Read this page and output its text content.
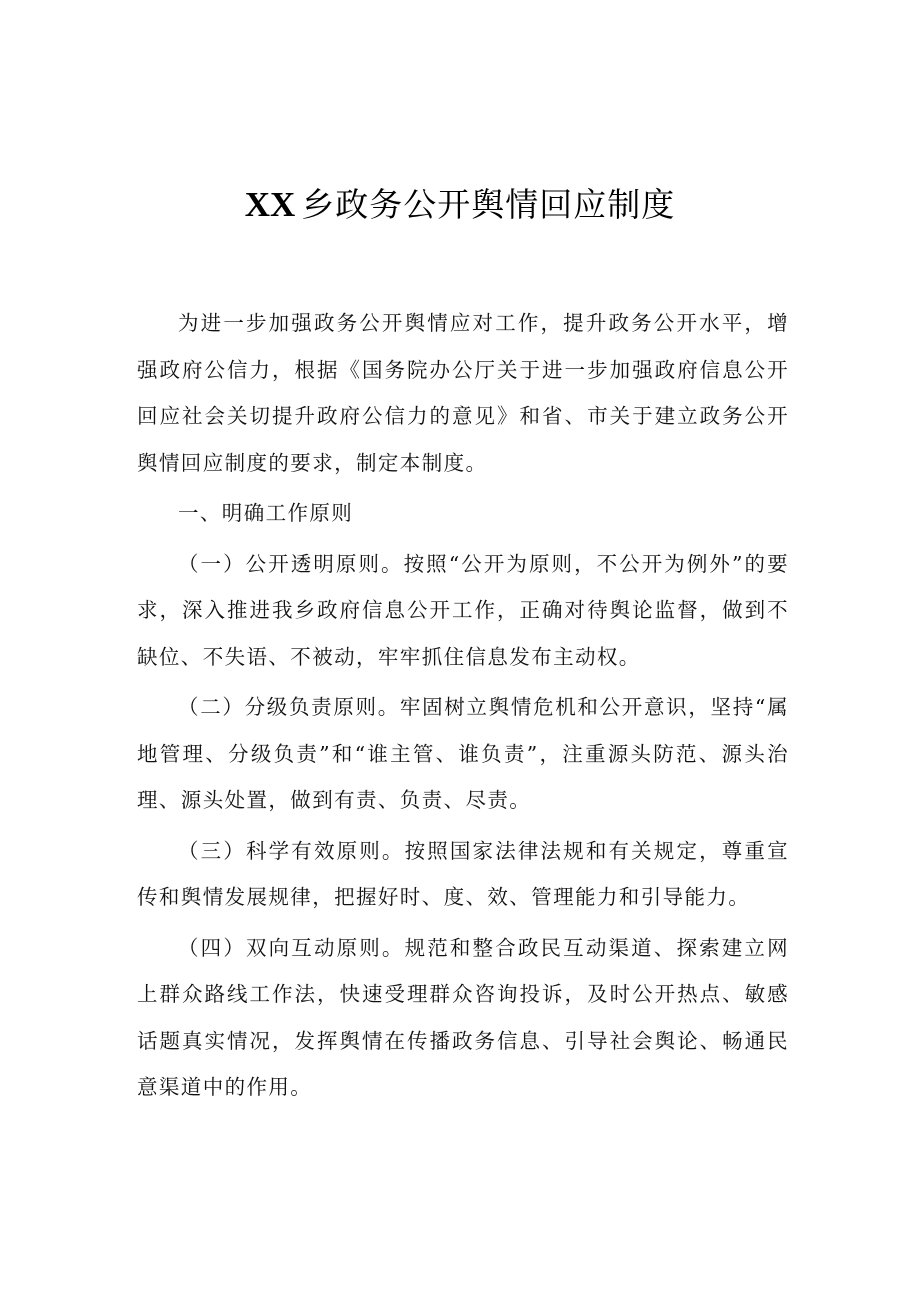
XX 乡政务公开舆情回应制度

为进一步加强政务公开舆情应对工作，提升政务公开水平，增强政府公信力，根据《国务院办公厅关于进一步加强政府信息公开回应社会关切提升政府公信力的意见》和省、市关于建立政务公开舆情回应制度的要求，制定本制度。

一、明确工作原则

（一）公开透明原则。按照“公开为原则，不公开为例外”的要求，深入推进我乡政府信息公开工作，正确对待舆论监督，做到不缺位、不失语、不被动，牢牢抓住信息发布主动权。

（二）分级负责原则。牢固树立舆情危机和公开意识，坚持“属地管理、分级负责”和“谁主管、谁负责”，注重源头防范、源头治理、源头处置，做到有责、负责、尽责。

（三）科学有效原则。按照国家法律法规和有关规定，尊重宣传和舆情发展规律，把握好时、度、效、管理能力和引导能力。

（四）双向互动原则。规范和整合政民互动渠道、探索建立网上群众路线工作法，快速受理群众咨询投诉，及时公开热点、敏感话题真实情况，发挥舆情在传播政务信息、引导社会舆论、畅通民意渠道中的作用。
